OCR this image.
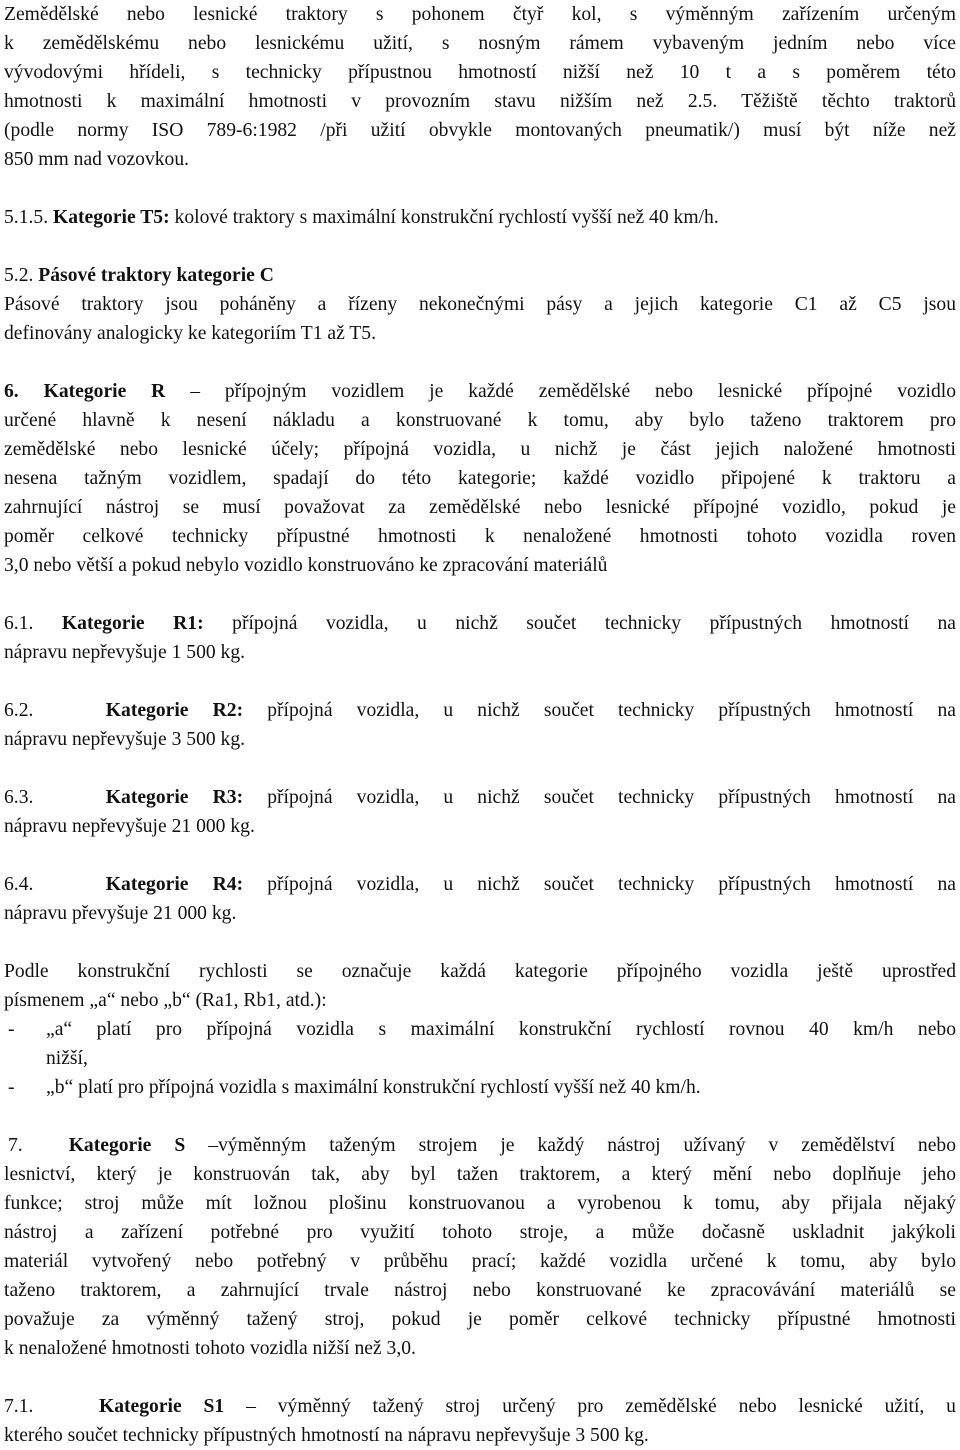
Zemědělské nebo lesnické traktory s pohonem čtyř kol, s výměnným zařízením určeným
k zemědělskému nebo lesnickému užití, s nosným rámem vybaveným jedním nebo více
vývodovými hřídeli, s technicky přípustnou hmotností nižší než 10 t a s poměrem této
hmotnosti k maximální hmotnosti v provozním stavu nižším než 2.5. Těžiště těchto traktorů
(podle normy ISO 789-6:1982 /při užití obvykle montovaných pneumatik/) musí být níže než
850 mm nad vozovkou.

5.1.5. Kategorie T5: kolové traktory s maximální konstrukční rychlostí vyšší než 40 km/h.

5.2. Pásové traktory kategorie C
Pásové traktory jsou poháněny a řízeny nekonečnými pásy a jejich kategorie C1 až C5 jsou
definovány analogicky ke kategoriím T1 až T5.

6. Kategorie R – přípojným vozidlem je každé zemědělské nebo lesnické přípojné vozidlo
určené hlavně k nesení nákladu a konstruované k tomu, aby bylo taženo traktorem pro
zemědělské nebo lesnické účely; přípojná vozidla, u nichž je část jejich naložené hmotnosti
nesena tažným vozidlem, spadají do této kategorie; každé vozidlo připojené k traktoru a
zahrnující nástroj se musí považovat za zemědělské nebo lesnické přípojné vozidlo, pokud je
poměr celkové technicky přípustné hmotnosti k nenaložené hmotnosti tohoto vozidla roven
3,0 nebo větší a pokud nebylo vozidlo konstruováno ke zpracování materiálů

6.1. Kategorie R1: přípojná vozidla, u nichž součet technicky přípustných hmotností na
nápravu nepřevyšuje 1 500 kg.

6.2.	Kategorie R2: přípojná vozidla, u nichž součet technicky přípustných hmotností na
nápravu nepřevyšuje 3 500 kg.

6.3.	Kategorie R3: přípojná vozidla, u nichž součet technicky přípustných hmotností na
nápravu nepřevyšuje 21 000 kg.

6.4.	Kategorie R4: přípojná vozidla, u nichž součet technicky přípustných hmotností na
nápravu převyšuje 21 000 kg.

Podle konstrukční rychlosti se označuje každá kategorie přípojného vozidla ještě uprostřed
písmenem „a“ nebo „b“ (Ra1, Rb1, atd.):

- „a“ platí pro přípojná vozidla s maximální konstrukční rychlostí rovnou 40 km/h nebo
nižší,
- „b“ platí pro přípojná vozidla s maximální konstrukční rychlostí vyšší než 40 km/h.

7. Kategorie S –výměnným taženým strojem je každý nástroj užívaný v zemědělství nebo
lesnictví, který je konstruován tak, aby byl tažen traktorem, a který mění nebo doplňuje jeho
funkce; stroj může mít ložnou plošinu konstruovanou a vyrobenou k tomu, aby přijala nějaký
nástroj a zařízení potřebné pro využití tohoto stroje, a může dočasně uskladnit jakýkoli
materiál vytvořený nebo potřebný v průběhu prací; každé vozidla určené k tomu, aby bylo
taženo traktorem, a zahrnující trvale nástroj nebo konstruované ke zpracovávání materiálů se
považuje za výměnný tažený stroj, pokud je poměr celkové technicky přípustné hmotnosti
k nenaložené hmotnosti tohoto vozidla nižší než 3,0.

7.1.	Kategorie S1 – výměnný tažený stroj určený pro zemědělské nebo lesnické užití, u
kterého součet technicky přípustných hmotností na nápravu nepřevyšuje 3 500 kg.
